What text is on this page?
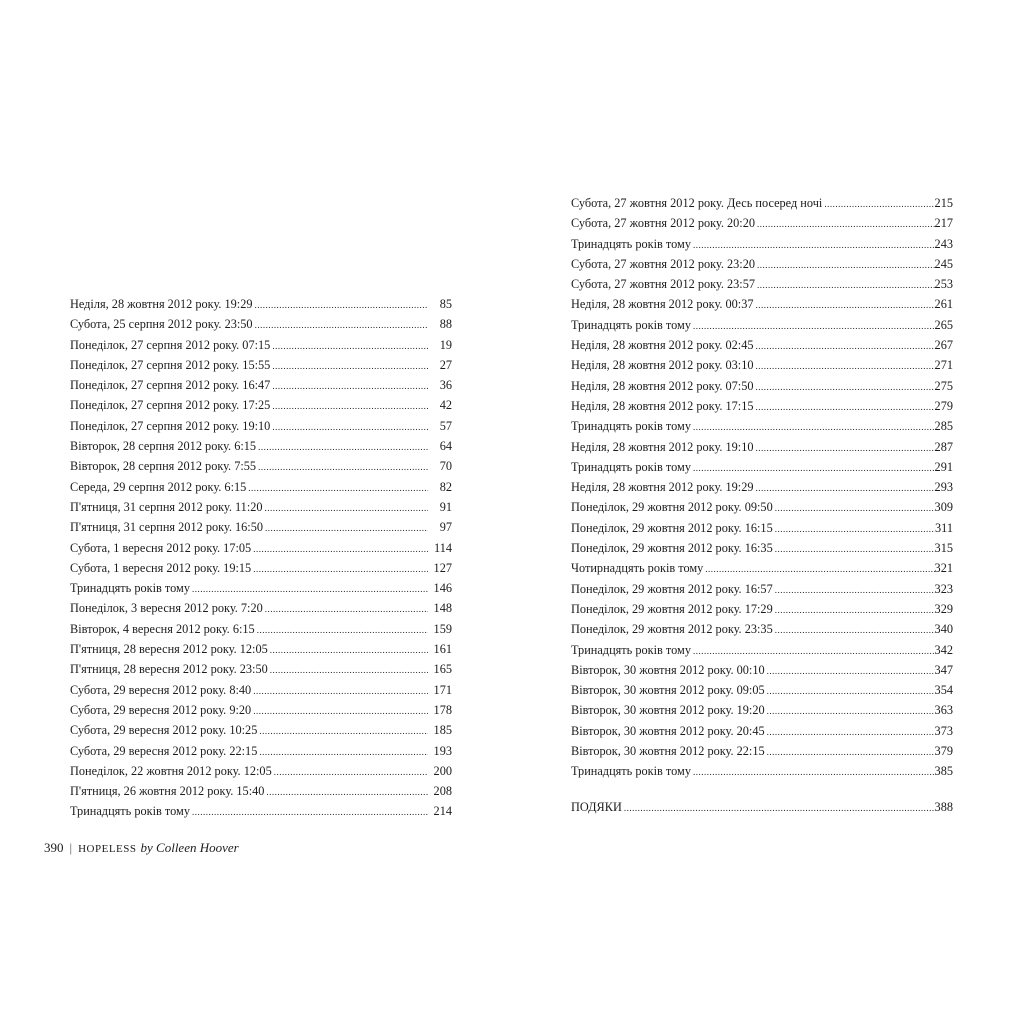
Неділя, 28 жовтня 2012 року. 19:29 .....	85
Субота, 25 серпня 2012 року. 23:50 .....	88
Понеділок, 27 серпня 2012 року. 07:15 .....	19
Понеділок, 27 серпня 2012 року. 15:55 .....	27
Понеділок, 27 серпня 2012 року. 16:47 .....	36
Понеділок, 27 серпня 2012 року. 17:25 .....	42
Понеділок, 27 серпня 2012 року. 19:10 .....	57
Вівторок, 28 серпня 2012 року. 6:15 .....	64
Вівторок, 28 серпня 2012 року. 7:55 .....	70
Середа, 29 серпня 2012 року. 6:15 .....	82
П'ятниця, 31 серпня 2012 року. 11:20 .....	91
П'ятниця, 31 серпня 2012 року. 16:50 .....	97
Субота, 1 вересня 2012 року. 17:05 .....	114
Субота, 1 вересня 2012 року. 19:15 .....	127
Тринадцять років тому .....	146
Понеділок, 3 вересня 2012 року. 7:20 .....	148
Вівторок, 4 вересня 2012 року. 6:15 .....	159
П'ятниця, 28 вересня 2012 року. 12:05 .....	161
П'ятниця, 28 вересня 2012 року. 23:50 .....	165
Субота, 29 вересня 2012 року. 8:40 .....	171
Субота, 29 вересня 2012 року. 9:20 .....	178
Субота, 29 вересня 2012 року. 10:25 .....	185
Субота, 29 вересня 2012 року. 22:15 .....	193
Понеділок, 22 жовтня 2012 року. 12:05 .....	200
П'ятниця, 26 жовтня 2012 року. 15:40 .....	208
Тринадцять років тому .....	214
390 | HOPELESS by Colleen Hoover
Субота, 27 жовтня 2012 року. Десь посеред ночі .....	215
Субота, 27 жовтня 2012 року. 20:20 .....	217
Тринадцять років тому .....	243
Субота, 27 жовтня 2012 року. 23:20 .....	245
Субота, 27 жовтня 2012 року. 23:57 .....	253
Неділя, 28 жовтня 2012 року. 00:37 .....	261
Тринадцять років тому .....	265
Неділя, 28 жовтня 2012 року. 02:45 .....	267
Неділя, 28 жовтня 2012 року. 03:10 .....	271
Неділя, 28 жовтня 2012 року. 07:50 .....	275
Неділя, 28 жовтня 2012 року. 17:15 .....	279
Тринадцять років тому .....	285
Неділя, 28 жовтня 2012 року. 19:10 .....	287
Тринадцять років тому .....	291
Неділя, 28 жовтня 2012 року. 19:29 .....	293
Понеділок, 29 жовтня 2012 року. 09:50 .....	309
Понеділок, 29 жовтня 2012 року. 16:15 .....	311
Понеділок, 29 жовтня 2012 року. 16:35 .....	315
Чотирнадцять років тому .....	321
Понеділок, 29 жовтня 2012 року. 16:57 .....	323
Понеділок, 29 жовтня 2012 року. 17:29 .....	329
Понеділок, 29 жовтня 2012 року. 23:35 .....	340
Тринадцять років тому .....	342
Вівторок, 30 жовтня 2012 року. 00:10 .....	347
Вівторок, 30 жовтня 2012 року. 09:05 .....	354
Вівторок, 30 жовтня 2012 року. 19:20 .....	363
Вівторок, 30 жовтня 2012 року. 20:45 .....	373
Вівторок, 30 жовтня 2012 року. 22:15 .....	379
Тринадцять років тому .....	385
ПОДЯКИ .....	388
